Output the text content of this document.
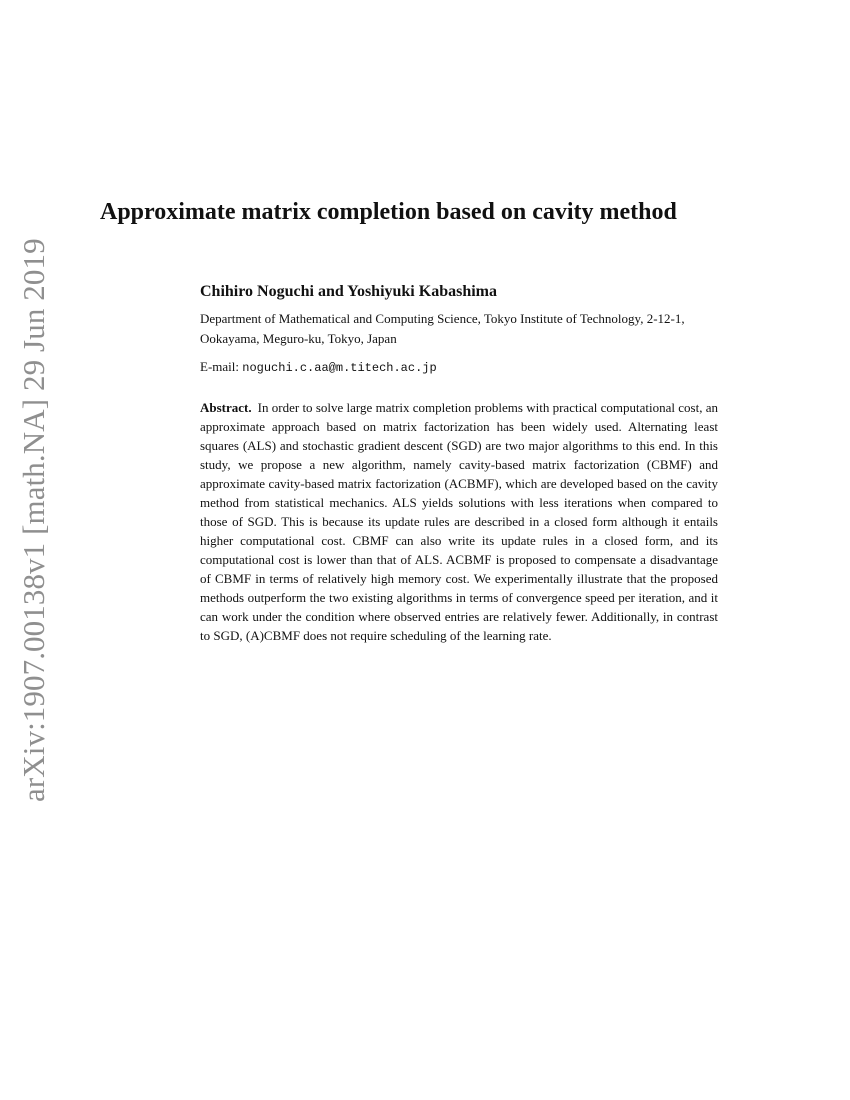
arXiv:1907.00138v1 [math.NA] 29 Jun 2019
Approximate matrix completion based on cavity method

Chihiro Noguchi and Yoshiyuki Kabashima

Department of Mathematical and Computing Science, Tokyo Institute of Technology, 2-12-1, Ookayama, Meguro-ku, Tokyo, Japan

E-mail: noguchi.c.aa@m.titech.ac.jp

Abstract. In order to solve large matrix completion problems with practical computational cost, an approximate approach based on matrix factorization has been widely used. Alternating least squares (ALS) and stochastic gradient descent (SGD) are two major algorithms to this end. In this study, we propose a new algorithm, namely cavity-based matrix factorization (CBMF) and approximate cavity-based matrix factorization (ACBMF), which are developed based on the cavity method from statistical mechanics. ALS yields solutions with less iterations when compared to those of SGD. This is because its update rules are described in a closed form although it entails higher computational cost. CBMF can also write its update rules in a closed form, and its computational cost is lower than that of ALS. ACBMF is proposed to compensate a disadvantage of CBMF in terms of relatively high memory cost. We experimentally illustrate that the proposed methods outperform the two existing algorithms in terms of convergence speed per iteration, and it can work under the condition where observed entries are relatively fewer. Additionally, in contrast to SGD, (A)CBMF does not require scheduling of the learning rate.
